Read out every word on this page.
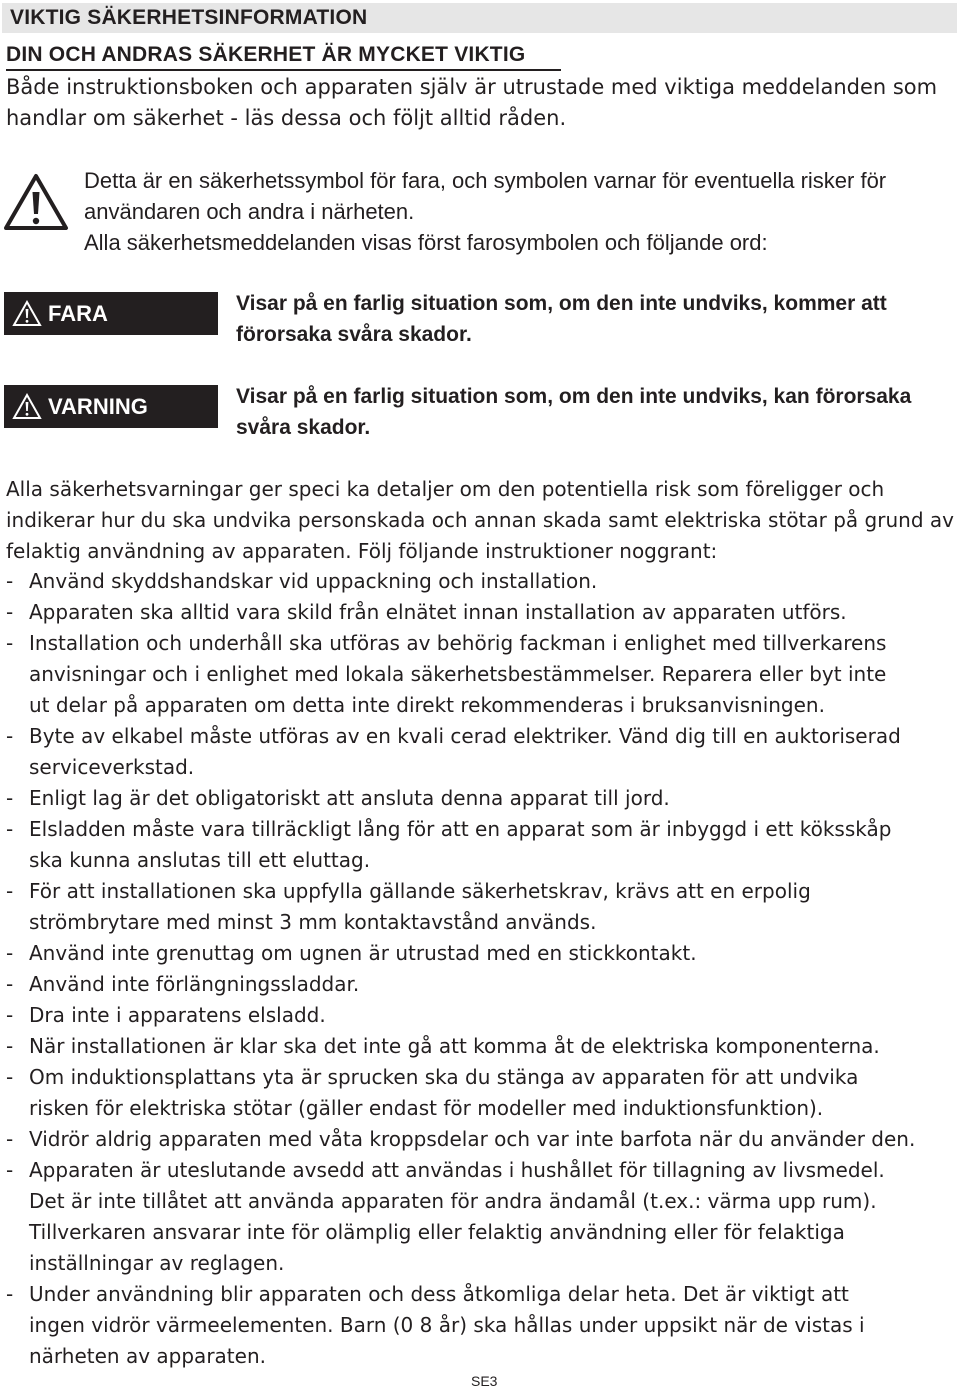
VIKTIG SÄKERHETSINFORMATION
DIN OCH ANDRAS SÄKERHET ÄR MYCKET VIKTIG
Både instruktionsboken och apparaten själv är utrustade med viktiga meddelanden som handlar om säkerhet - läs dessa och följt alltid råden.
Detta är en säkerhetssymbol för fara, och symbolen varnar för eventuella risker för användaren och andra i närheten.
Alla säkerhetsmeddelanden visas först farosymbolen och följande ord:
FARA	Visar på en farlig situation som, om den inte undviks, kommer att förorsaka svåra skador.
VARNING	Visar på en farlig situation som, om den inte undviks, kan förorsaka svåra skador.
Alla säkerhetsvarningar ger speci ka detaljer om den potentiella risk som föreligger och indikerar hur du ska undvika personskada och annan skada samt elektriska stötar på grund av felaktig användning av apparaten. Följ följande instruktioner noggrant:
- Använd skyddshandskar vid uppackning och installation.
- Apparaten ska alltid vara skild från elnätet innan installation av apparaten utförs.
- Installation och underhåll ska utföras av behörig fackman i enlighet med tillverkarens
anvisningar och i enlighet med lokala säkerhetsbestämmelser. Reparera eller byt inte
ut delar på apparaten om detta inte direkt rekommenderas i bruksanvisningen.
- Byte av elkabel måste utföras av en kvali cerad elektriker. Vänd dig till en auktoriserad
serviceverkstad.
- Enligt lag är det obligatoriskt att ansluta denna apparat till jord.
- Elsladden måste vara tillräckligt lång för att en apparat som är inbyggd i ett köksskåp
ska kunna anslutas till ett eluttag.
- För att installationen ska uppfylla gällande säkerhetskrav, krävs att en erpolig
strömbrytare med minst 3 mm kontaktavstånd används.
- Använd inte grenuttag om ugnen är utrustad med en stickkontakt.
- Använd inte förlängningssladdar.
- Dra inte i apparatens elsladd.
- När installationen är klar ska det inte gå att komma åt de elektriska komponenterna.
- Om induktionsplattans yta är sprucken ska du stänga av apparaten för att undvika
risken för elektriska stötar (gäller endast för modeller med induktionsfunktion).
- Vidrör aldrig apparaten med våta kroppsdelar och var inte barfota när du använder den.
- Apparaten är uteslutande avsedd att användas i hushållet för tillagning av livsmedel.
Det är inte tillåtet att använda apparaten för andra ändamål (t.ex.: värma upp rum).
Tillverkaren ansvarar inte för olämplig eller felaktig användning eller för felaktiga
inställningar av reglagen.
- Under användning blir apparaten och dess åtkomliga delar heta. Det är viktigt att
ingen vidrör värmeelementen. Barn (0 8 år) ska hållas under uppsikt när de vistas i
närheten av apparaten.
SE3
